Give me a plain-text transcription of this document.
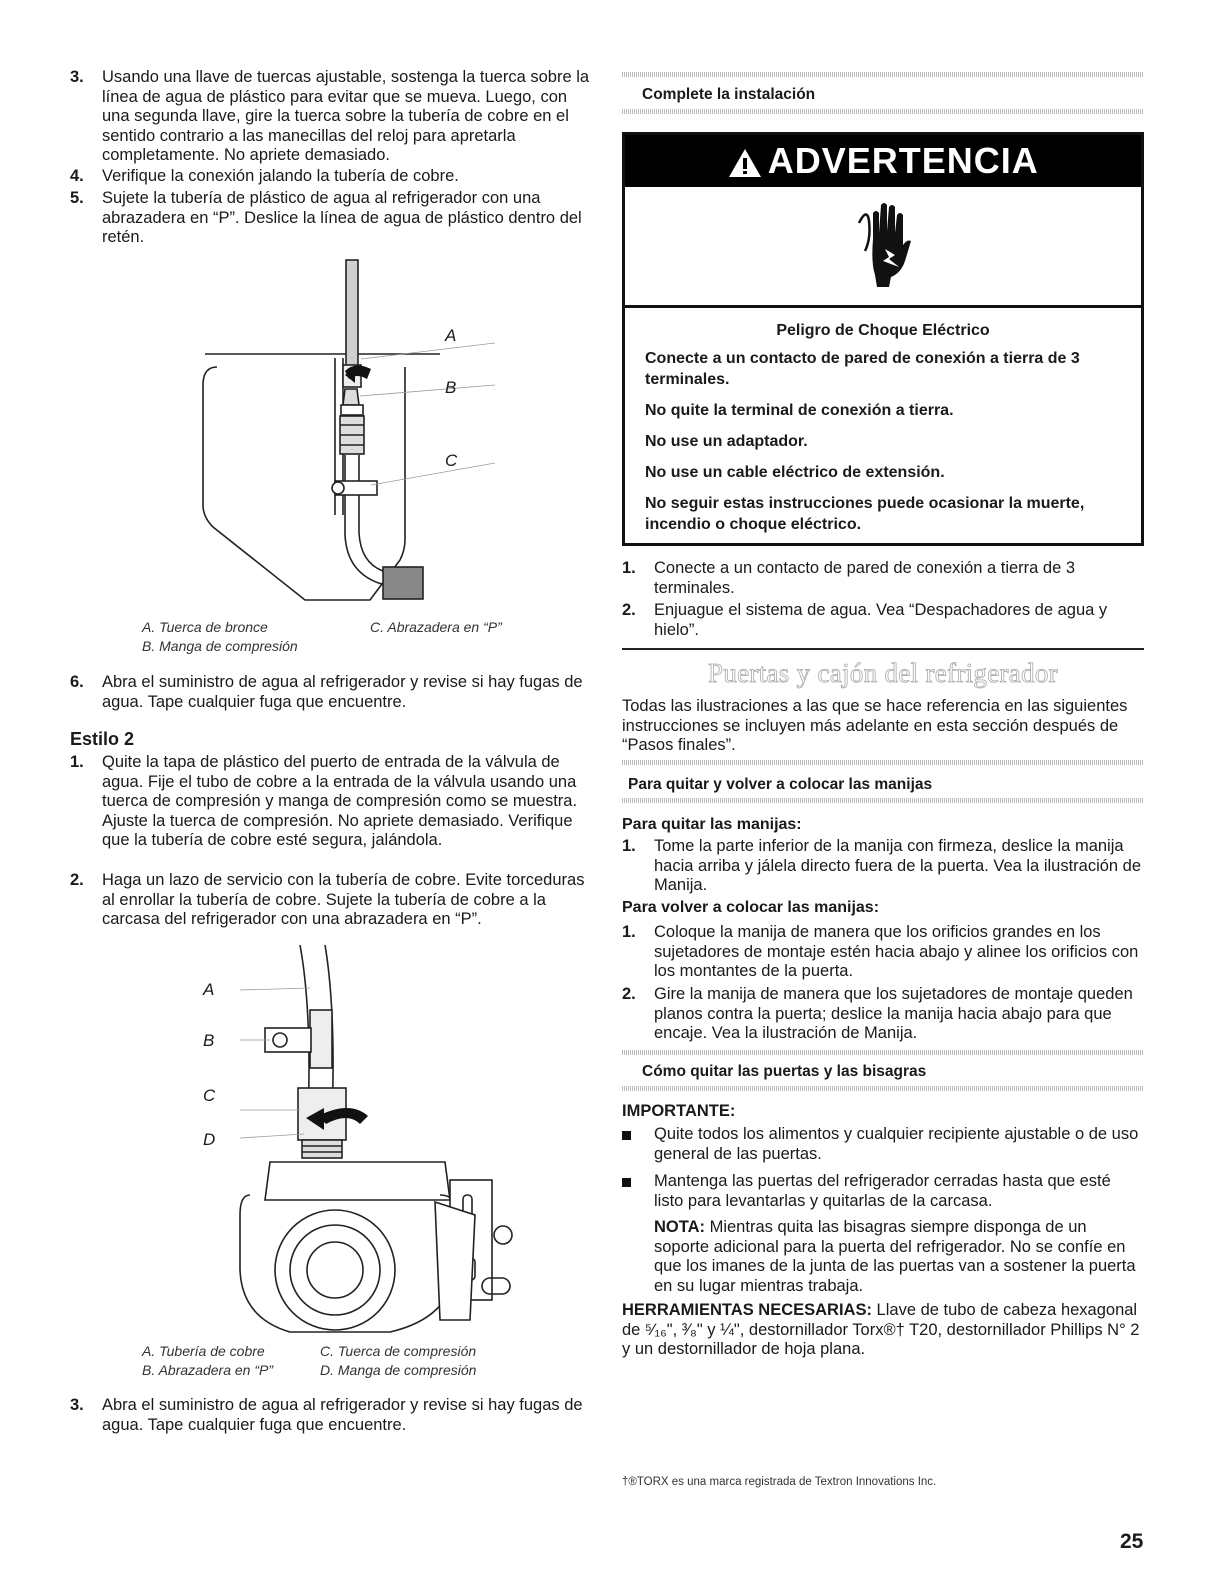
3. Usando una llave de tuercas ajustable, sostenga la tuerca sobre la línea de agua de plástico para evitar que se mueva. Luego, con una segunda llave, gire la tuerca sobre la tubería de cobre en el sentido contrario a las manecillas del reloj para apretarla completamente. No apriete demasiado.
4. Verifique la conexión jalando la tubería de cobre.
5. Sujete la tubería de plástico de agua al refrigerador con una abrazadera en “P”. Deslice la línea de agua de plástico dentro del retén.
A
B
C
A. Tuerca de bronce
B. Manga de compresión
C. Abrazadera en “P”
6. Abra el suministro de agua al refrigerador y revise si hay fugas de agua. Tape cualquier fuga que encuentre.
Estilo 2
1. Quite la tapa de plástico del puerto de entrada de la válvula de agua. Fije el tubo de cobre a la entrada de la válvula usando una tuerca de compresión y manga de compresión como se muestra. Ajuste la tuerca de compresión. No apriete demasiado. Verifique que la tubería de cobre esté segura, jalándola.
2. Haga un lazo de servicio con la tubería de cobre. Evite torceduras al enrollar la tubería de cobre. Sujete la tubería de cobre a la carcasa del refrigerador con una abrazadera en “P”.
A
B
C
D
A. Tubería de cobre
B. Abrazadera en “P”
C. Tuerca de compresión
D. Manga de compresión
3. Abra el suministro de agua al refrigerador y revise si hay fugas de agua. Tape cualquier fuga que encuentre.
Complete la instalación
ADVERTENCIA
Peligro de Choque Eléctrico
Conecte a un contacto de pared de conexión a tierra de 3 terminales.
No quite la terminal de conexión a tierra.
No use un adaptador.
No use un cable eléctrico de extensión.
No seguir estas instrucciones puede ocasionar la muerte, incendio o choque eléctrico.
1. Conecte a un contacto de pared de conexión a tierra de 3 terminales.
2. Enjuague el sistema de agua. Vea “Despachadores de agua y hielo”.
Puertas y cajón del refrigerador
Todas las ilustraciones a las que se hace referencia en las siguientes instrucciones se incluyen más adelante en esta sección después de “Pasos finales”.
Para quitar y volver a colocar las manijas
Para quitar las manijas:
1. Tome la parte inferior de la manija con firmeza, deslice la manija hacia arriba y jálela directo fuera de la puerta. Vea la ilustración de Manija.
Para volver a colocar las manijas:
1. Coloque la manija de manera que los orificios grandes en los sujetadores de montaje estén hacia abajo y alinee los orificios con los montantes de la puerta.
2. Gire la manija de manera que los sujetadores de montaje queden planos contra la puerta; deslice la manija hacia abajo para que encaje. Vea la ilustración de Manija.
Cómo quitar las puertas y las bisagras
IMPORTANTE:
Quite todos los alimentos y cualquier recipiente ajustable o de uso general de las puertas.
Mantenga las puertas del refrigerador cerradas hasta que esté listo para levantarlas y quitarlas de la carcasa.
NOTA: Mientras quita las bisagras siempre disponga de un soporte adicional para la puerta del refrigerador. No se confíe en que los imanes de la junta de las puertas van a sostener la puerta en su lugar mientras trabaja.
HERRAMIENTAS NECESARIAS: Llave de tubo de cabeza hexagonal de ⁵⁄₁₆", ³⁄₈" y ¼", destornillador Torx®† T20, destornillador Phillips N° 2 y un destornillador de hoja plana.
†®TORX es una marca registrada de Textron Innovations Inc.
25
